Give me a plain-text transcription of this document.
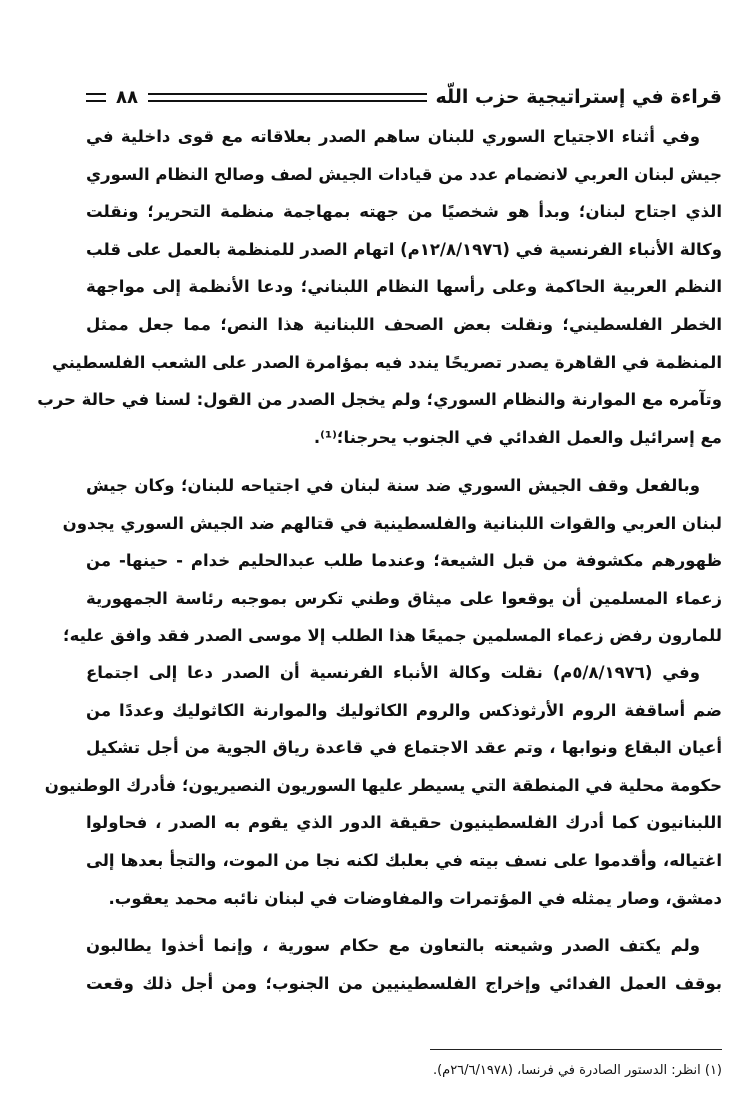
قراءة في إستراتيجية حزب اللّه
٨٨
وفي أثناء الاجتياح السوري للبنان ساهم الصدر بعلاقاته مع قوى داخلية في
جيش لبنان العربي لانضمام عدد من قيادات الجيش لصف وصالح النظام السوري
الذي اجتاح لبنان؛ وبدأ هو شخصيًا من جهته بمهاجمة منظمة التحرير؛ ونقلت
وكالة الأنباء الفرنسية في (١٢/٨/١٩٧٦م) اتهام الصدر للمنظمة بالعمل على قلب
النظم العربية الحاكمة وعلى رأسها النظام اللبناني؛ ودعا الأنظمة إلى مواجهة
الخطر الفلسطيني؛ ونقلت بعض الصحف اللبنانية هذا النص؛ مما جعل ممثل
المنظمة في القاهرة يصدر تصريحًا يندد فيه بمؤامرة الصدر على الشعب الفلسطيني
وتآمره مع الموارنة والنظام السوري؛ ولم يخجل الصدر من القول: لسنا في حالة حرب
مع إسرائيل والعمل الفدائي في الجنوب يحرجنا؛⁽¹⁾.
وبالفعل وقف الجيش السوري ضد سنة لبنان في اجتياحه للبنان؛ وكان جيش
لبنان العربي والقوات اللبنانية والفلسطينية في قتالهم ضد الجيش السوري يجدون
ظهورهم مكشوفة من قبل الشيعة؛ وعندما طلب عبدالحليم خدام - حينها- من
زعماء المسلمين أن يوقعوا على ميثاق وطني تكرس بموجبه رئاسة الجمهورية
للمارون رفض زعماء المسلمين جميعًا هذا الطلب إلا موسى الصدر فقد وافق عليه؛
وفي (٥/٨/١٩٧٦م) نقلت وكالة الأنباء الفرنسية أن الصدر دعا إلى اجتماع
ضم أساقفة الروم الأرثوذكس والروم الكاثوليك والموارنة الكاثوليك وعددًا من
أعيان البقاع ونوابها ، وتم عقد الاجتماع في قاعدة رياق الجوية من أجل تشكيل
حكومة محلية في المنطقة التي يسيطر عليها السوريون النصيريون؛ فأدرك الوطنيون
اللبنانيون كما أدرك الفلسطينيون حقيقة الدور الذي يقوم به الصدر ، فحاولوا
اغتياله، وأقدموا على نسف بيته في بعلبك لكنه نجا من الموت، والتجأ بعدها إلى
دمشق، وصار يمثله في المؤتمرات والمفاوضات في لبنان نائبه محمد يعقوب.
ولم يكتف الصدر وشيعته بالتعاون مع حكام سورية ، وإنما أخذوا يطالبون
بوقف العمل الفدائي وإخراج الفلسطينيين من الجنوب؛ ومن أجل ذلك وقعت
(١) انظر: الدستور الصادرة في فرنسا، (٢٦/٦/١٩٧٨م).
